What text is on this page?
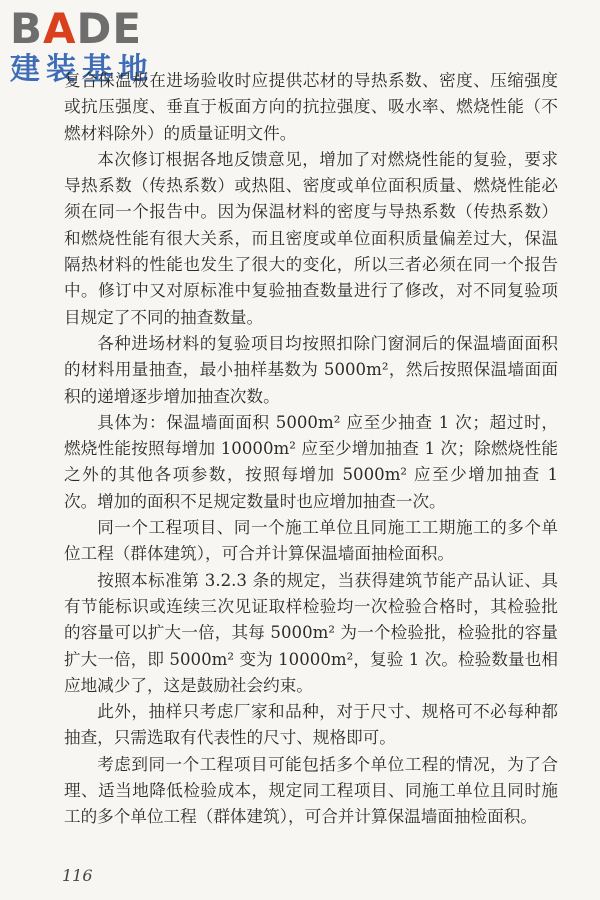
BADE
建装基地

复合保温板在进场验收时应提供芯材的导热系数、密度、压缩强度或抗压强度、垂直于板面方向的抗拉强度、吸水率、燃烧性能（不燃材料除外）的质量证明文件。

本次修订根据各地反馈意见，增加了对燃烧性能的复验，要求导热系数（传热系数）或热阻、密度或单位面积质量、燃烧性能必须在同一个报告中。因为保温材料的密度与导热系数（传热系数）和燃烧性能有很大关系，而且密度或单位面积质量偏差过大，保温隔热材料的性能也发生了很大的变化，所以三者必须在同一个报告中。修订中又对原标准中复验抽查数量进行了修改，对不同复验项目规定了不同的抽查数量。

各种进场材料的复验项目均按照扣除门窗洞后的保温墙面面积的材料用量抽查，最小抽样基数为 5000m²，然后按照保温墙面面积的递增逐步增加抽查次数。

具体为：保温墙面面积 5000m² 应至少抽查 1 次；超过时，燃烧性能按照每增加 10000m² 应至少增加抽查 1 次；除燃烧性能之外的其他各项参数，按照每增加 5000m² 应至少增加抽查 1 次。增加的面积不足规定数量时也应增加抽查一次。

同一个工程项目、同一个施工单位且同施工工期施工的多个单位工程（群体建筑），可合并计算保温墙面抽检面积。

按照本标准第 3.2.3 条的规定，当获得建筑节能产品认证、具有节能标识或连续三次见证取样检验均一次检验合格时，其检验批的容量可以扩大一倍，其每 5000m² 为一个检验批，检验批的容量扩大一倍，即 5000m² 变为 10000m²，复验 1 次。检验数量也相应地减少了，这是鼓励社会约束。

此外，抽样只考虑厂家和品种，对于尺寸、规格可不必每种都抽查，只需选取有代表性的尺寸、规格即可。

考虑到同一个工程项目可能包括多个单位工程的情况，为了合理、适当地降低检验成本，规定同工程项目、同施工单位且同时施工的多个单位工程（群体建筑），可合并计算保温墙面抽检面积。

116
